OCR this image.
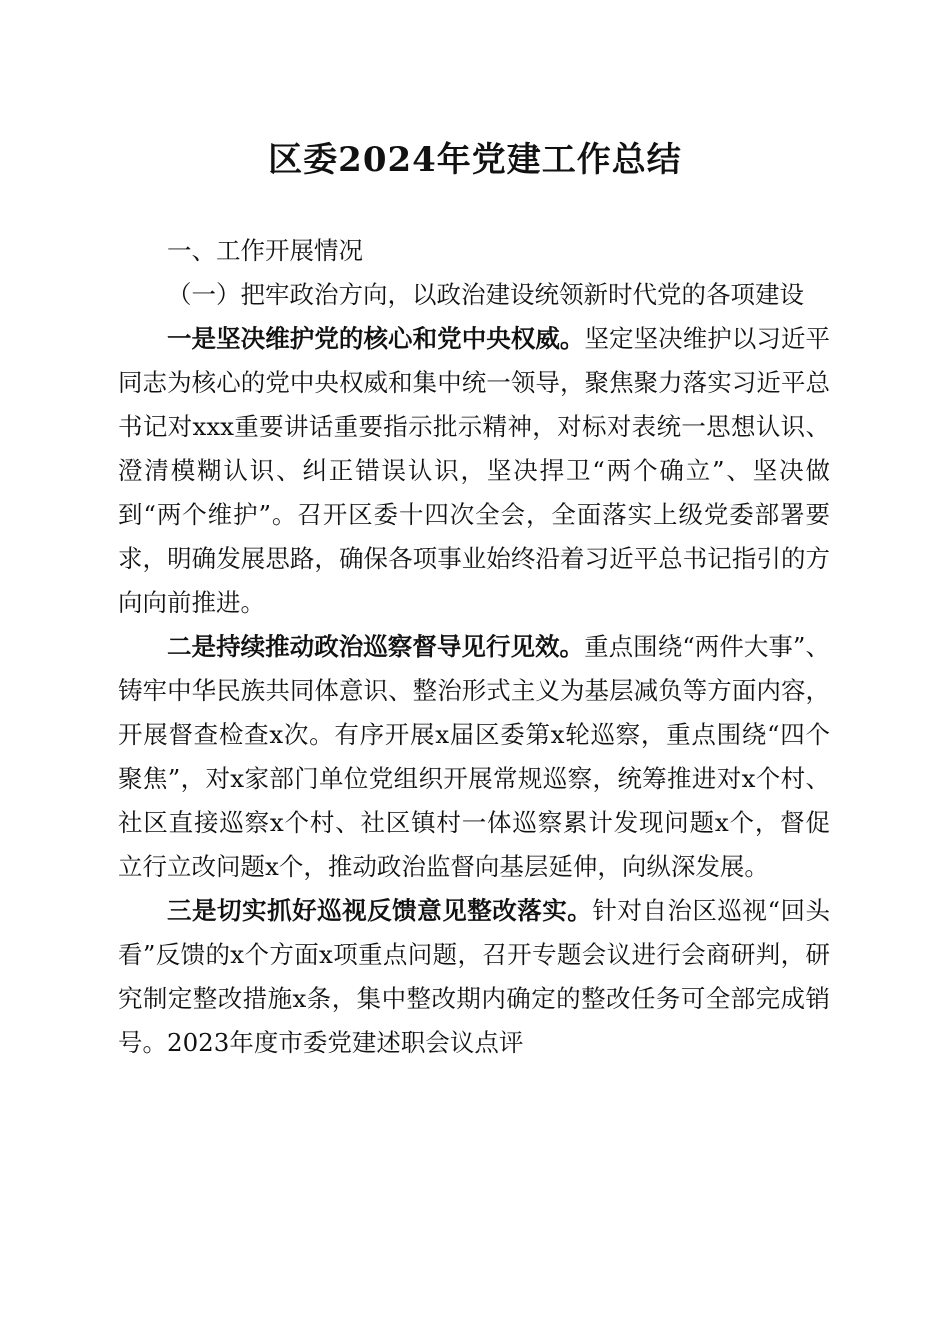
区委2024年党建工作总结

一、工作开展情况

（一）把牢政治方向，以政治建设统领新时代党的各项建设

一是坚决维护党的核心和党中央权威。坚定坚决维护以习近平同志为核心的党中央权威和集中统一领导，聚焦聚力落实习近平总书记对xxx重要讲话重要指示批示精神，对标对表统一思想认识、澄清模糊认识、纠正错误认识，坚决捍卫“两个确立”、坚决做到“两个维护”。召开区委十四次全会，全面落实上级党委部署要求，明确发展思路，确保各项事业始终沿着习近平总书记指引的方向向前推进。

二是持续推动政治巡察督导见行见效。重点围绕“两件大事”、铸牢中华民族共同体意识、整治形式主义为基层减负等方面内容，开展督查检查x次。有序开展x届区委第x轮巡察，重点围绕“四个聚焦”，对x家部门单位党组织开展常规巡察，统筹推进对x个村、社区直接巡察x个村、社区镇村一体巡察累计发现问题x个，督促立行立改问题x个，推动政治监督向基层延伸，向纵深发展。

三是切实抓好巡视反馈意见整改落实。针对自治区巡视“回头看”反馈的x个方面x项重点问题，召开专题会议进行会商研判，研究制定整改措施x条，集中整改期内确定的整改任务可全部完成销号。2023年度市委党建述职会议点评
